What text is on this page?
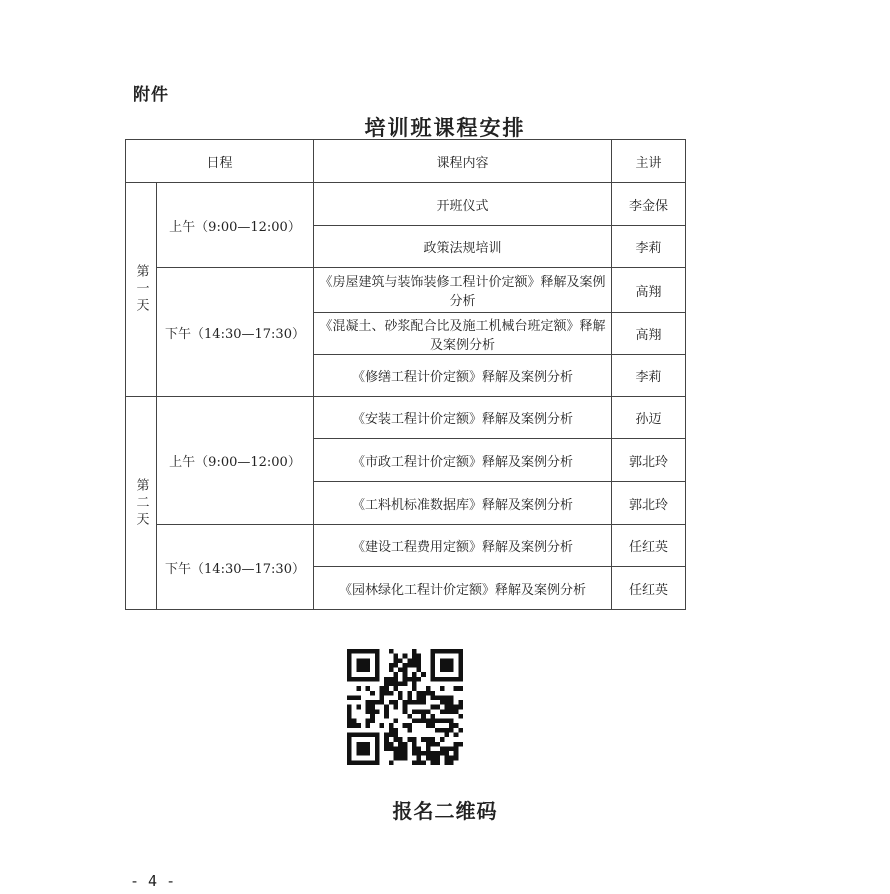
附件
培训班课程安排
日程		课程内容	主讲
第一天	上午（9:00—12:00）	开班仪式	李金保
		政策法规培训	李莉
	下午（14:30—17:30）	《房屋建筑与装饰装修工程计价定额》释解及案例分析	高翔
		《混凝土、砂浆配合比及施工机械台班定额》释解及案例分析	高翔
		《修缮工程计价定额》释解及案例分析	李莉
第二天	上午（9:00—12:00）	《安装工程计价定额》释解及案例分析	孙迈
		《市政工程计价定额》释解及案例分析	郭北玲
		《工料机标准数据库》释解及案例分析	郭北玲
	下午（14:30—17:30）	《建设工程费用定额》释解及案例分析	任红英
		《园林绿化工程计价定额》释解及案例分析	任红英
报名二维码
- 4 -
